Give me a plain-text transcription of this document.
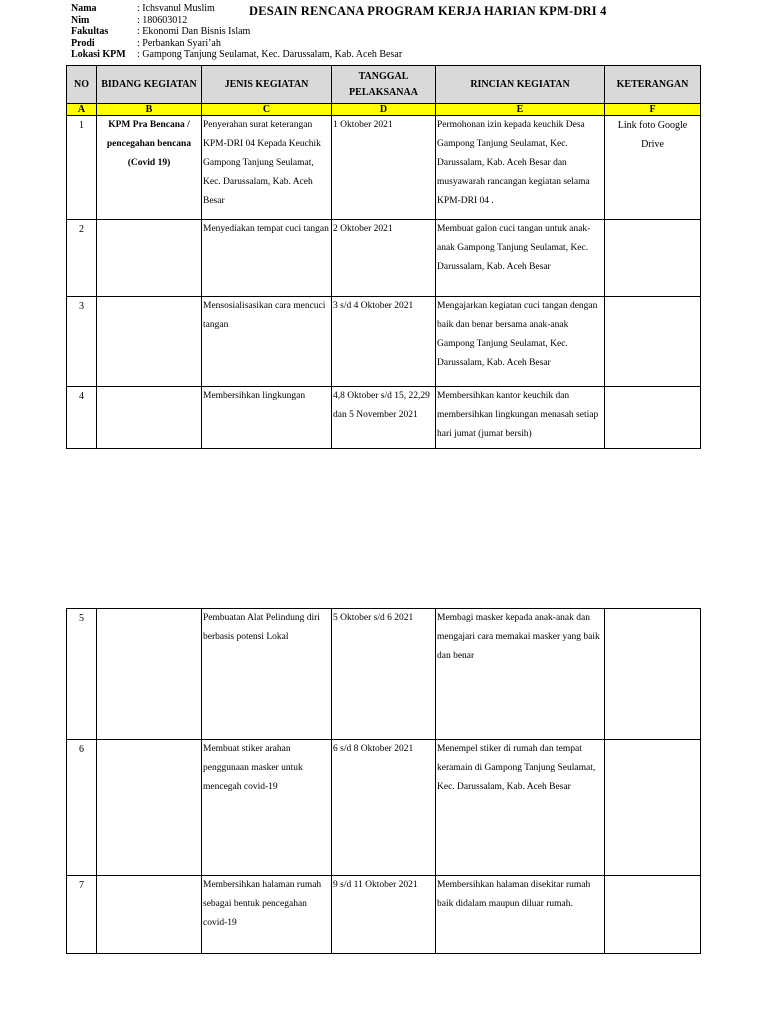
Nama	: Ichsvanul Muslim
Nim	: 180603012
Fakultas	: Ekonomi Dan Bisnis Islam
Prodi	: Perbankan Syari’ah
Lokasi KPM	: Gampong Tanjung Seulamat, Kec. Darussalam, Kab. Aceh Besar
DESAIN RENCANA PROGRAM KERJA HARIAN KPM-DRI 4
NO	BIDANG KEGIATAN	JENIS KEGIATAN	TANGGAL PELAKSANAA	RINCIAN KEGIATAN	KETERANGAN
A	B	C	D	E	F
1	KPM Pra Bencana / pencegahan bencana (Covid 19)	Penyerahan surat keterangan KPM-DRI 04 Kepada Keuchik Gampong Tanjung Seulamat, Kec. Darussalam, Kab. Aceh Besar	1 Oktober 2021	Permohonan izin kepada keuchik Desa Gampong Tanjung Seulamat, Kec. Darussalam, Kab. Aceh Besar dan musyawarah rancangan kegiatan selama KPM-DRI 04 .	Link foto Google Drive
2		Menyediakan tempat cuci tangan	2 Oktober 2021	Membuat galon cuci tangan untuk anak-anak Gampong Tanjung Seulamat, Kec. Darussalam, Kab. Aceh Besar	
3		Mensosialisasikan cara mencuci tangan	3 s/d 4 Oktober 2021	Mengajarkan kegiatan cuci tangan dengan baik dan benar bersama anak-anak Gampong Tanjung Seulamat, Kec. Darussalam, Kab. Aceh Besar	
4		Membersihkan lingkungan	4,8 Oktober s/d 15, 22,29 dan 5 November 2021	Membersihkan kantor keuchik dan membersihkan lingkungan menasah setiap hari jumat (jumat bersih)	
5		Pembuatan Alat Pelindung diri berbasis potensi Lokal	5 Oktober s/d 6 2021	Membagi masker kepada anak-anak dan mengajari cara memakai masker yang baik dan benar	
6		Membuat stiker arahan penggunaan masker untuk mencegah covid-19	6 s/d 8 Oktober 2021	Menempel stiker di rumah dan tempat keramain di Gampong Tanjung Seulamat, Kec. Darussalam, Kab. Aceh Besar	
7		Membersihkan halaman rumah sebagai bentuk pencegahan covid-19	9 s/d 11 Oktober 2021	Membersihkan halaman disekitar rumah baik didalam maupun diluar rumah.	
